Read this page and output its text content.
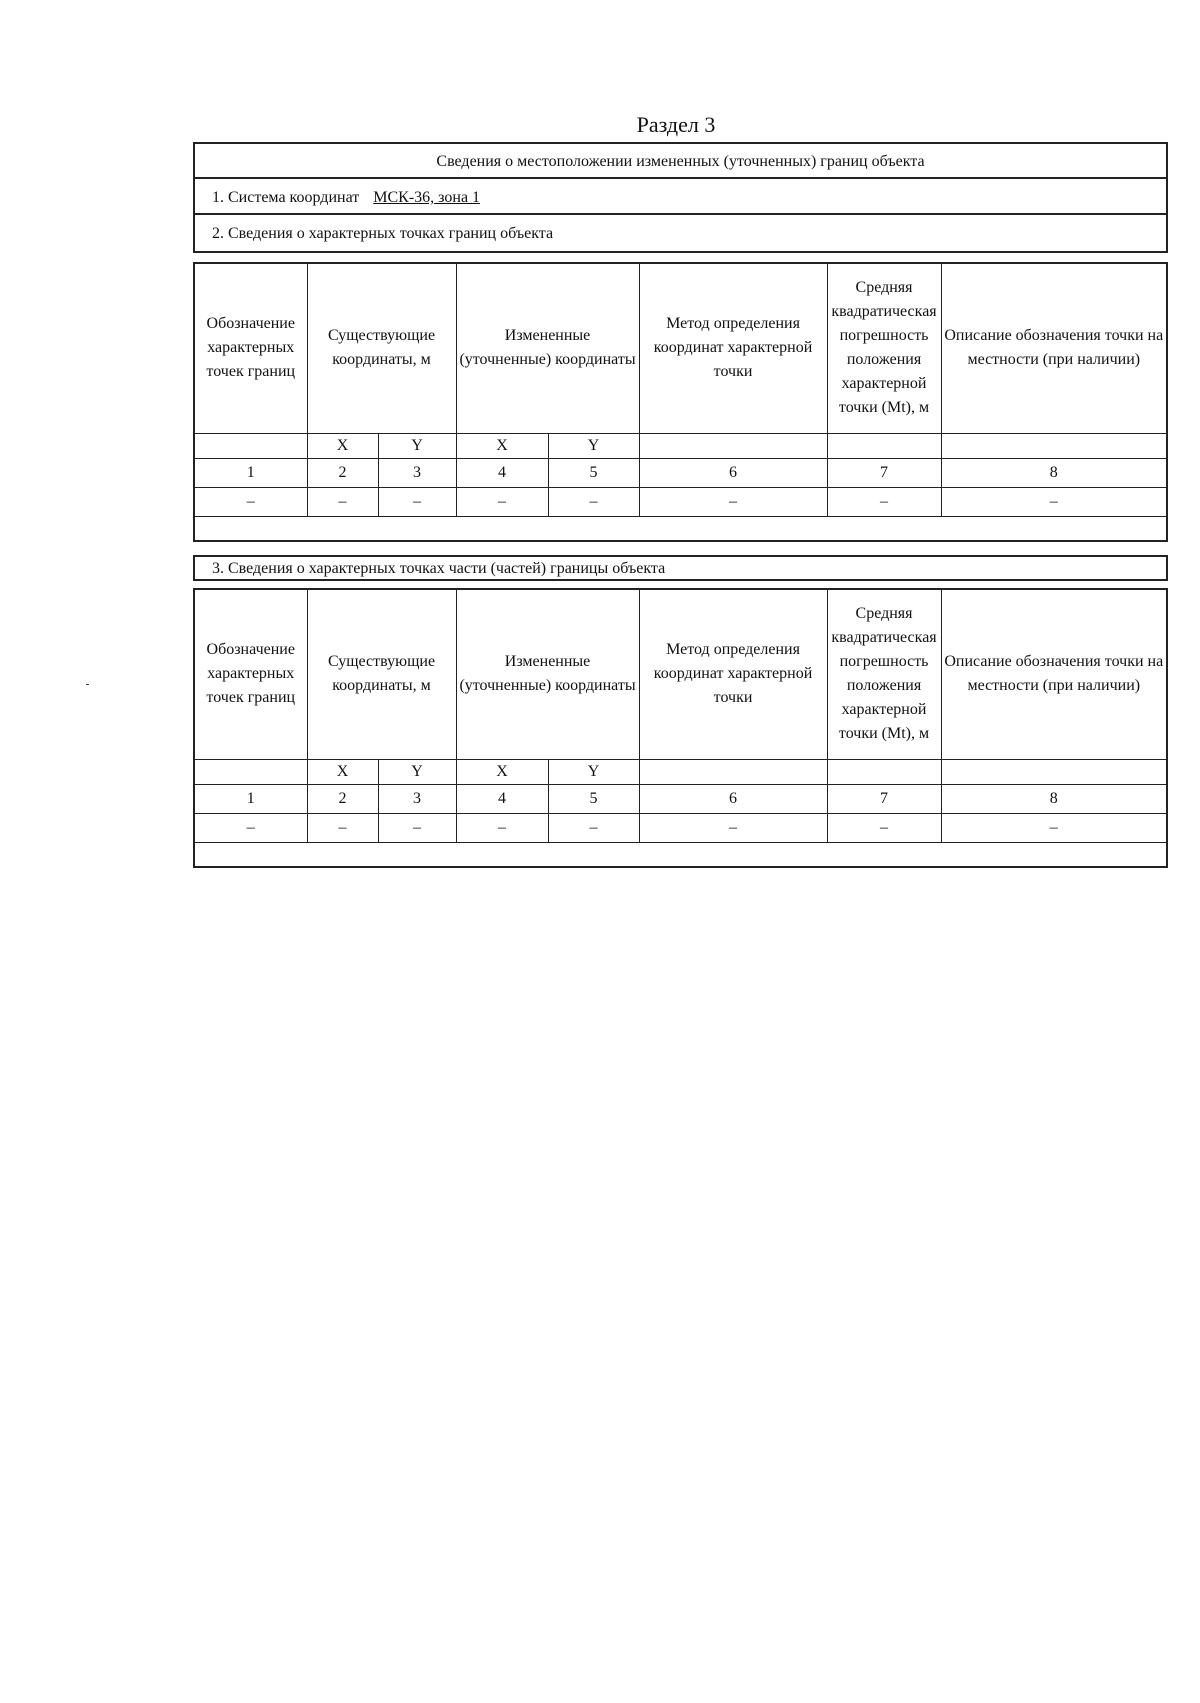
Раздел 3
Сведения о местоположении измененных (уточненных) границ объекта
1. Система координат МСК-36, зона 1
2. Сведения о характерных точках границ объекта
Обозначение характерных точек границ	Существующие координаты, м		Измененные (уточненные) координаты		Метод определения координат характерной точки	Средняя квадратическая погрешность положения характерной точки (Mt), м	Описание обозначения точки на местности (при наличии)
	X	Y	X	Y			
1	2	3	4	5	6	7	8
–	–	–	–	–	–	–	–

3. Сведения о характерных точках части (частей) границы объекта
Обозначение характерных точек границ	Существующие координаты, м		Измененные (уточненные) координаты		Метод определения координат характерной точки	Средняя квадратическая погрешность положения характерной точки (Mt), м	Описание обозначения точки на местности (при наличии)
	X	Y	X	Y			
1	2	3	4	5	6	7	8
–	–	–	–	–	–	–	–
